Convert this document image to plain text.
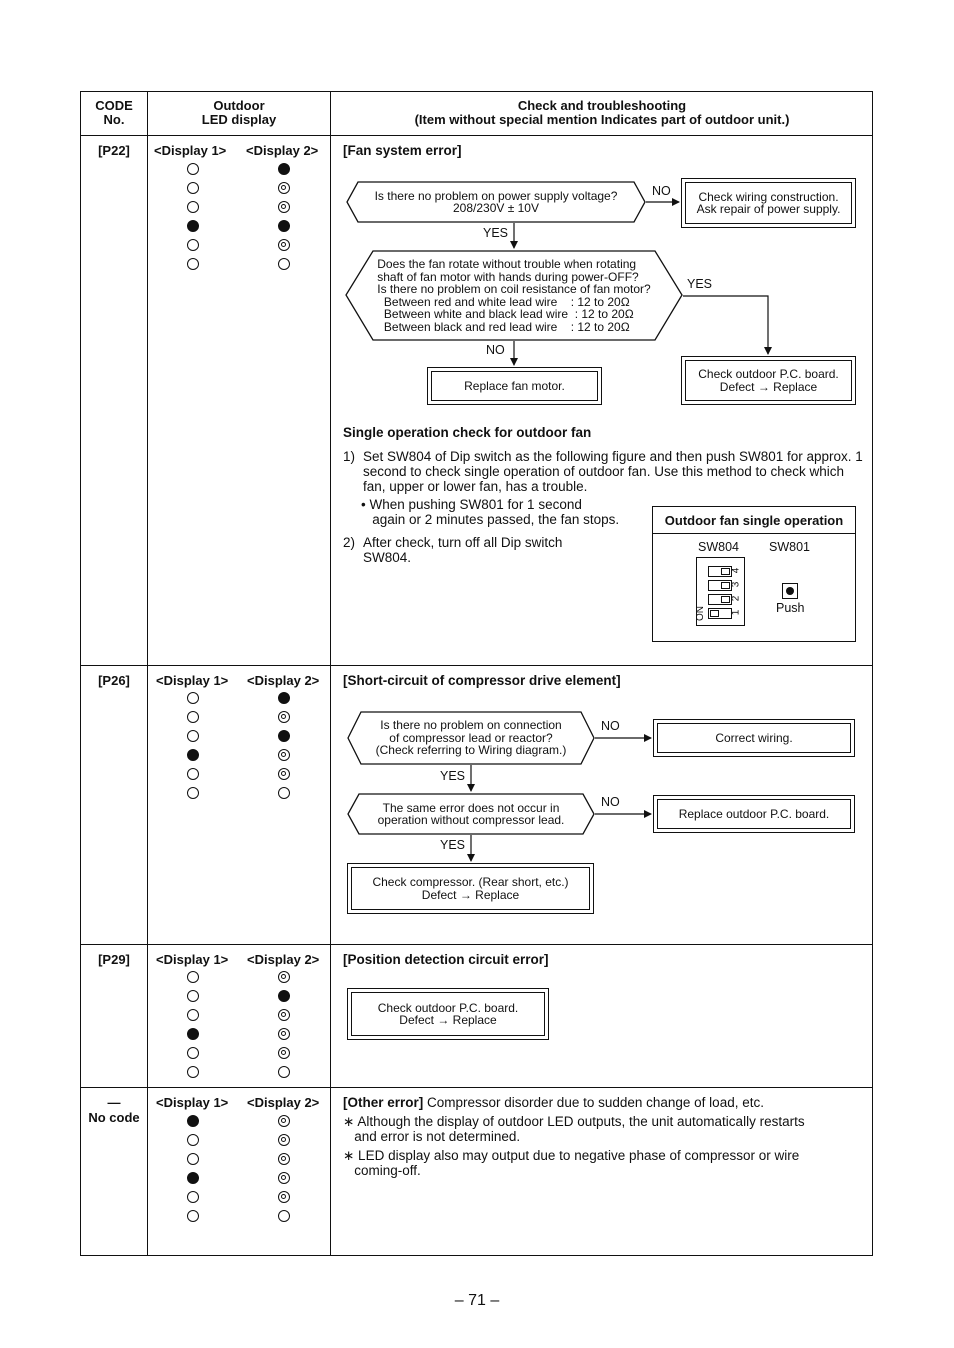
CODE
No.
Outdoor
LED display
Check and troubleshooting
(Item without special mention Indicates part of outdoor unit.)
[P22]
[P26]
[P29]
—
No code
<Display 1> <Display 2>
<Display 1> <Display 2>
<Display 1> <Display 2>
<Display 1> <Display 2>
[Fan system error]
Is there no problem on power supply voltage?
208/230V ± 10V
NO	Check wiring construction.
Ask repair of power supply.
YES
Does the fan rotate without trouble when rotating
shaft of fan motor with hands during power-OFF?
Is there no problem on coil resistance of fan motor?
Between red and white lead wire    : 12 to 20Ω
Between white and black lead wire  : 12 to 20Ω
Between black and red lead wire    : 12 to 20Ω
YES
NO
Replace fan motor.
Check outdoor P.C. board.
Defect → Replace
Single operation check for outdoor fan
1) Set SW804 of Dip switch as the following figure and then push SW801 for approx. 1 second to check single operation of outdoor fan. Use this method to check which fan, upper or lower fan, has a trouble.
• When pushing SW801 for 1 second
again or 2 minutes passed, the fan stops.
2) After check, turn off all Dip switch
SW804.
Outdoor fan single operation
SW804 SW801
ON
4
3
2
1	Push
[Short-circuit of compressor drive element]
Is there no problem on connection
of compressor lead or reactor?
(Check referring to Wiring diagram.)
NO
Correct wiring.
YES
The same error does not occur in
operation without compressor lead.
NO
Replace outdoor P.C. board.
YES
Check compressor. (Rear short, etc.)
Defect → Replace
[Position detection circuit error]
Check outdoor P.C. board.
Defect → Replace
[Other error] Compressor disorder due to sudden change of load, etc.
∗ Although the display of outdoor LED outputs, the unit automatically restarts
and error is not determined.
∗ LED display also may output due to negative phase of compressor or wire
coming-off.
– 71 –
